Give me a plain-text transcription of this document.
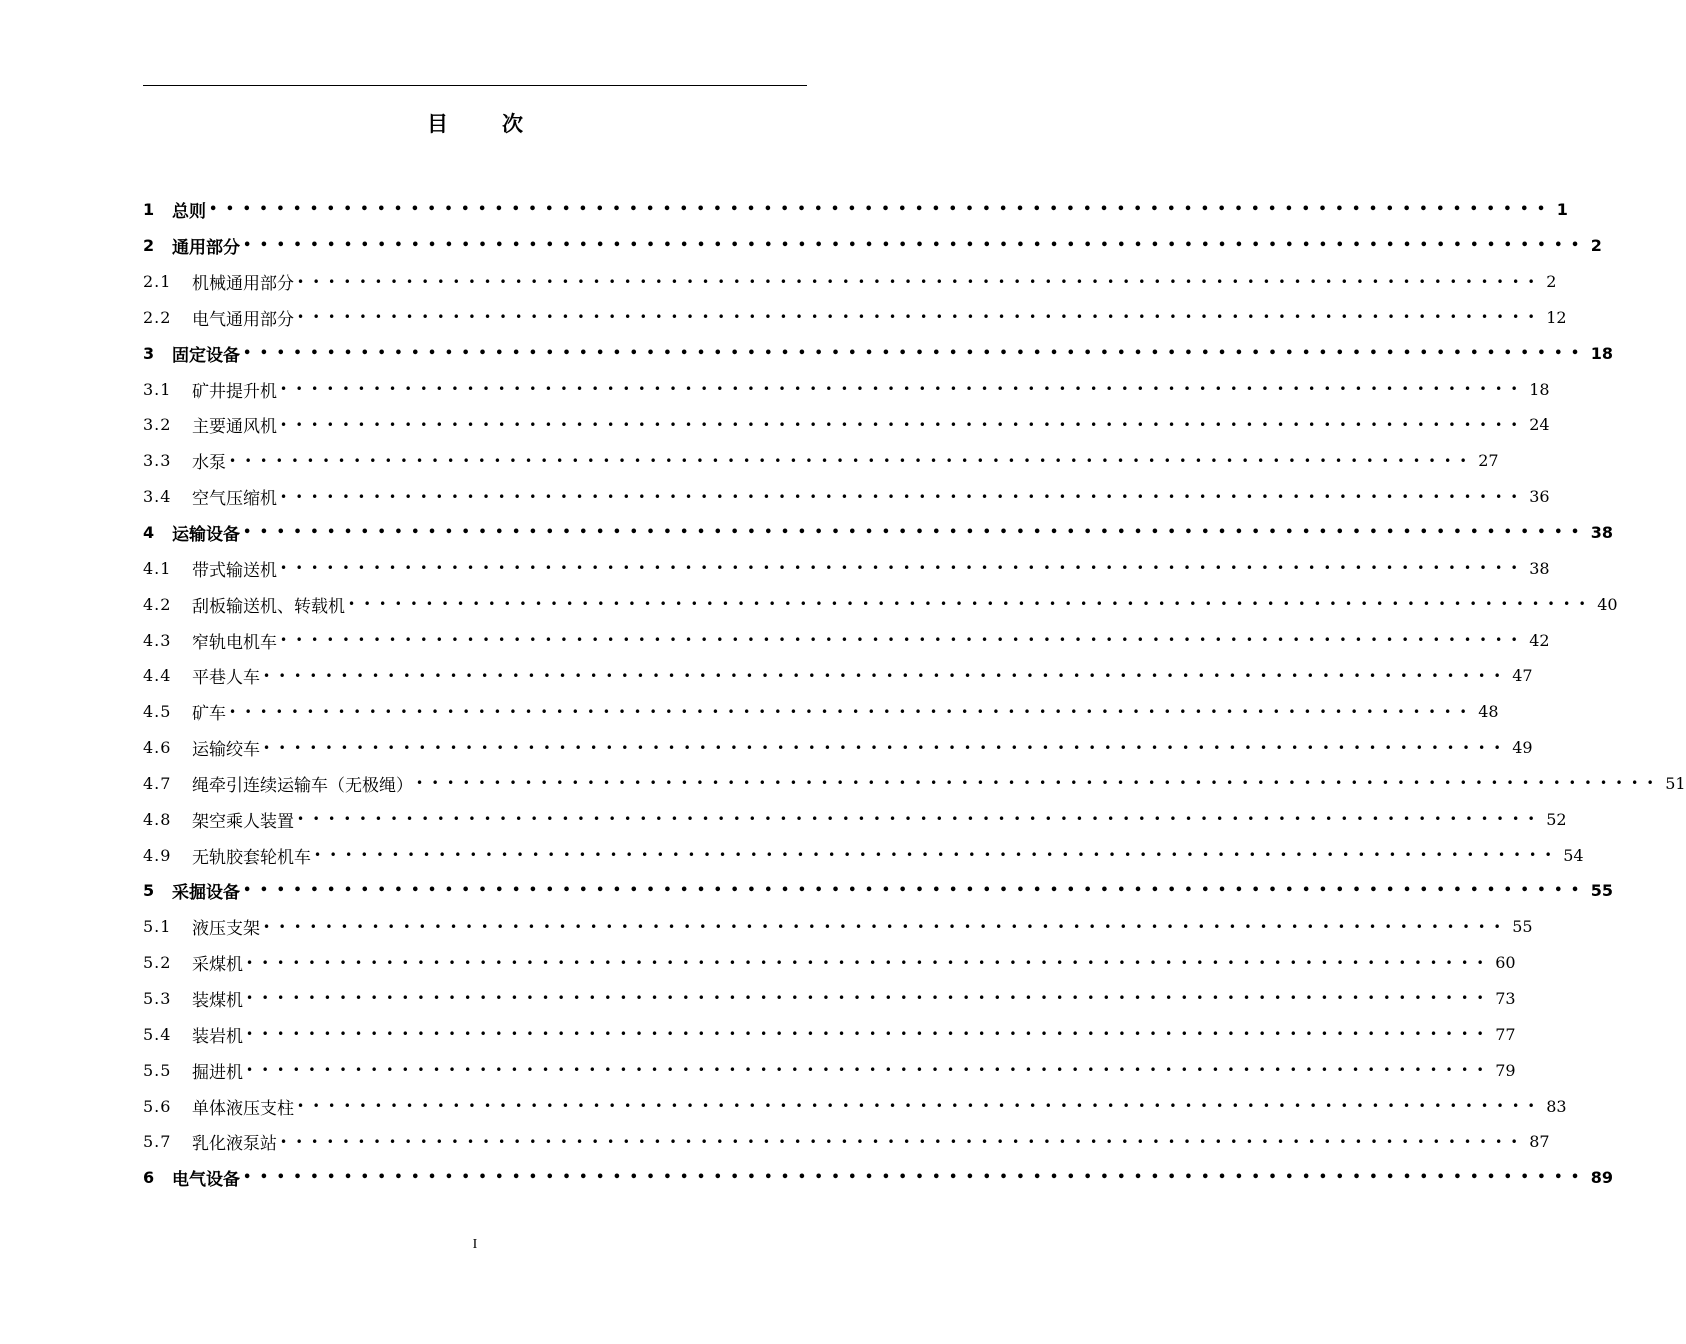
目	次
1	总则 •••••••••••••••••••••••••••••••••••••••••••••••••••••••••••••••••••••••••••••••• 1
2	通用部分 •••••••••••••••••••••••••••••••••••••••••••••••••••••••••••••••••••••••••••••••• 2
2.1	机械通用部分 •••••••••••••••••••••••••••••••••••••••••••••••••••••••••••••••••••••••••••••••• 2
2.2	电气通用部分 •••••••••••••••••••••••••••••••••••••••••••••••••••••••••••••••••••••••••••••••• 12
3	固定设备 •••••••••••••••••••••••••••••••••••••••••••••••••••••••••••••••••••••••••••••••• 18
3.1	矿井提升机 •••••••••••••••••••••••••••••••••••••••••••••••••••••••••••••••••••••••••••••••• 18
3.2	主要通风机 •••••••••••••••••••••••••••••••••••••••••••••••••••••••••••••••••••••••••••••••• 24
3.3	水泵 •••••••••••••••••••••••••••••••••••••••••••••••••••••••••••••••••••••••••••••••• 27
3.4	空气压缩机 •••••••••••••••••••••••••••••••••••••••••••••••••••••••••••••••••••••••••••••••• 36
4	运输设备 •••••••••••••••••••••••••••••••••••••••••••••••••••••••••••••••••••••••••••••••• 38
4.1	带式输送机 •••••••••••••••••••••••••••••••••••••••••••••••••••••••••••••••••••••••••••••••• 38
4.2	刮板输送机、转载机 •••••••••••••••••••••••••••••••••••••••••••••••••••••••••••••••••••••••••••••••• 40
4.3	窄轨电机车 •••••••••••••••••••••••••••••••••••••••••••••••••••••••••••••••••••••••••••••••• 42
4.4	平巷人车 •••••••••••••••••••••••••••••••••••••••••••••••••••••••••••••••••••••••••••••••• 47
4.5	矿车 •••••••••••••••••••••••••••••••••••••••••••••••••••••••••••••••••••••••••••••••• 48
4.6	运输绞车 •••••••••••••••••••••••••••••••••••••••••••••••••••••••••••••••••••••••••••••••• 49
4.7	绳牵引连续运输车（无极绳） •••••••••••••••••••••••••••••••••••••••••••••••••••••••••••••••••••••••••••••••• 51
4.8	架空乘人装置 •••••••••••••••••••••••••••••••••••••••••••••••••••••••••••••••••••••••••••••••• 52
4.9	无轨胶套轮机车 •••••••••••••••••••••••••••••••••••••••••••••••••••••••••••••••••••••••••••••••• 54
5	采掘设备 •••••••••••••••••••••••••••••••••••••••••••••••••••••••••••••••••••••••••••••••• 55
5.1	液压支架 •••••••••••••••••••••••••••••••••••••••••••••••••••••••••••••••••••••••••••••••• 55
5.2	采煤机 •••••••••••••••••••••••••••••••••••••••••••••••••••••••••••••••••••••••••••••••• 60
5.3	装煤机 •••••••••••••••••••••••••••••••••••••••••••••••••••••••••••••••••••••••••••••••• 73
5.4	装岩机 •••••••••••••••••••••••••••••••••••••••••••••••••••••••••••••••••••••••••••••••• 77
5.5	掘进机 •••••••••••••••••••••••••••••••••••••••••••••••••••••••••••••••••••••••••••••••• 79
5.6	单体液压支柱 •••••••••••••••••••••••••••••••••••••••••••••••••••••••••••••••••••••••••••••••• 83
5.7	乳化液泵站 •••••••••••••••••••••••••••••••••••••••••••••••••••••••••••••••••••••••••••••••• 87
6	电气设备 •••••••••••••••••••••••••••••••••••••••••••••••••••••••••••••••••••••••••••••••• 89
I
